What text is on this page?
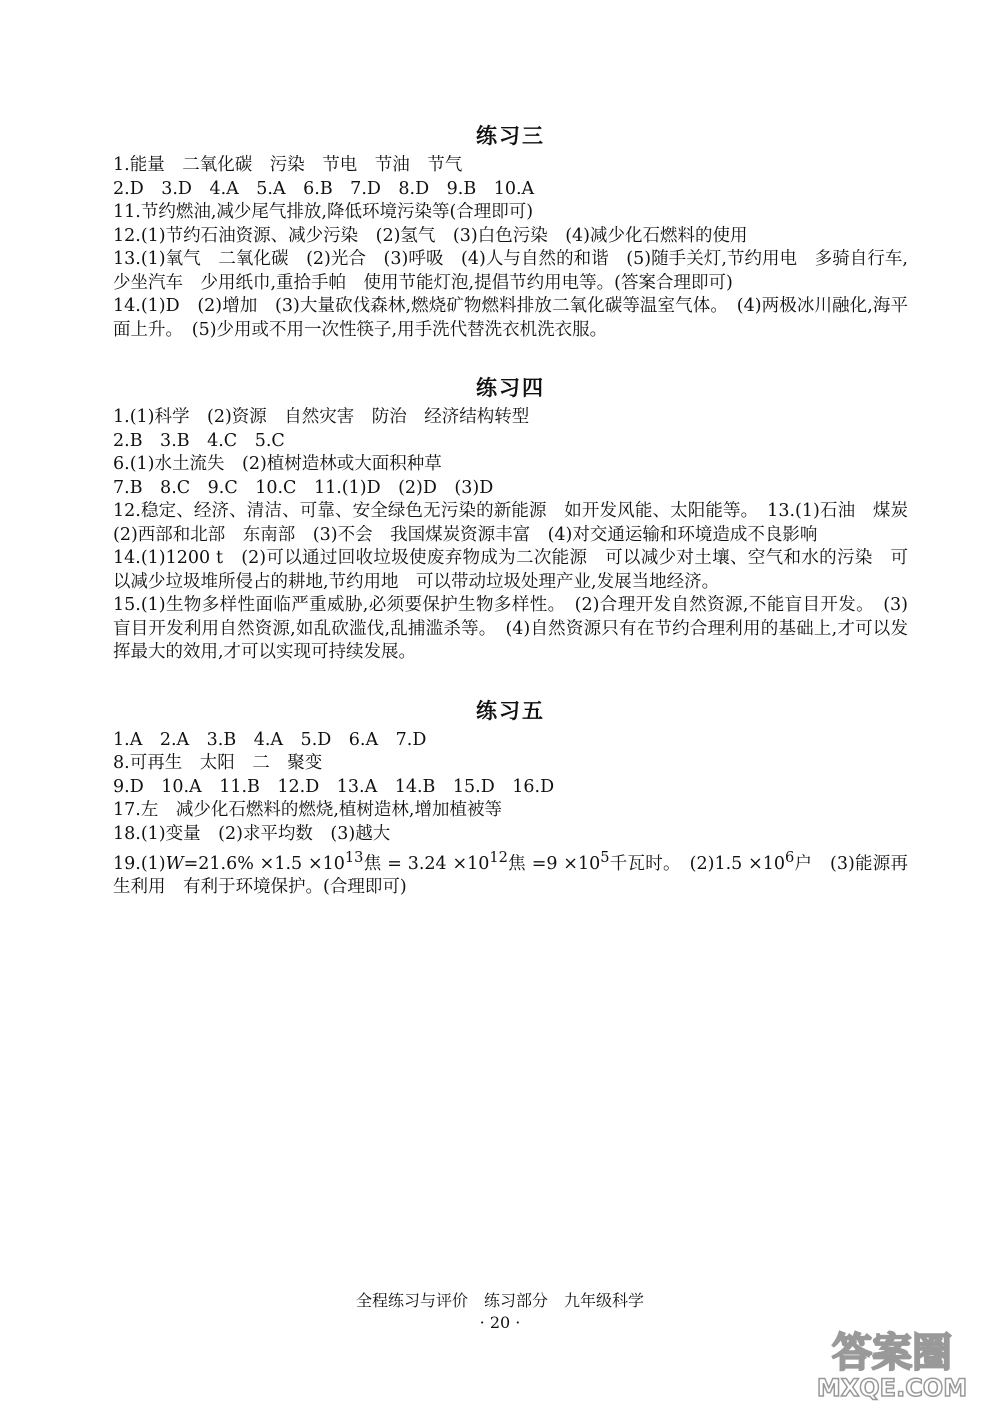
练习三

1.能量　二氧化碳　污染　节电　节油　节气

2.D　3.D　4.A　5.A　6.B　7.D　8.D　9.B　10.A

11.节约燃油,减少尾气排放,降低环境污染等(合理即可)

12.(1)节约石油资源、减少污染　(2)氢气　(3)白色污染　(4)减少化石燃料的使用

13.(1)氧气　二氧化碳　(2)光合　(3)呼吸　(4)人与自然的和谐　(5)随手关灯,节约用电　多骑自行车,少坐汽车　少用纸巾,重拾手帕　使用节能灯泡,提倡节约用电等。(答案合理即可)

14.(1)D　(2)增加　(3)大量砍伐森林,燃烧矿物燃料排放二氧化碳等温室气体。　(4)两极冰川融化,海平面上升。　(5)少用或不用一次性筷子,用手洗代替洗衣机洗衣服。

练习四

1.(1)科学　(2)资源　自然灾害　防治　经济结构转型

2.B　3.B　4.C　5.C

6.(1)水土流失　(2)植树造林或大面积种草

7.B　8.C　9.C　10.C　11.(1)D　(2)D　(3)D

12.稳定、经济、清洁、可靠、安全绿色无污染的新能源　如开发风能、太阳能等。　13.(1)石油　煤炭　(2)西部和北部　东南部　(3)不会　我国煤炭资源丰富　(4)对交通运输和环境造成不良影响

14.(1)1200 t　(2)可以通过回收垃圾使废弃物成为二次能源　可以减少对土壤、空气和水的污染　可以减少垃圾堆所侵占的耕地,节约用地　可以带动垃圾处理产业,发展当地经济。

15.(1)生物多样性面临严重威胁,必须要保护生物多样性。　(2)合理开发自然资源,不能盲目开发。　(3)盲目开发利用自然资源,如乱砍滥伐,乱捕滥杀等。　(4)自然资源只有在节约合理利用的基础上,才可以发挥最大的效用,才可以实现可持续发展。

练习五

1.A　2.A　3.B　4.A　5.D　6.A　7.D

8.可再生　太阳　二　聚变

9.D　10.A　11.B　12.D　13.A　14.B　15.D　16.D

17.左　减少化石燃料的燃烧,植树造林,增加植被等

18.(1)变量　(2)求平均数　(3)越大

$19.(1)W=21.6\% \times 1.5 \times 10^{13}$焦 = $3.24 \times 10^{12}$焦 $=9 \times 10^5$千瓦时。　$(2)1.5 \times 10^6$户　(3)能源再生利用　有利于环境保护。(合理即可)

全程练习与评价　练习部分　九年级科学
· 20 ·
答案圈
MXQE.COM
